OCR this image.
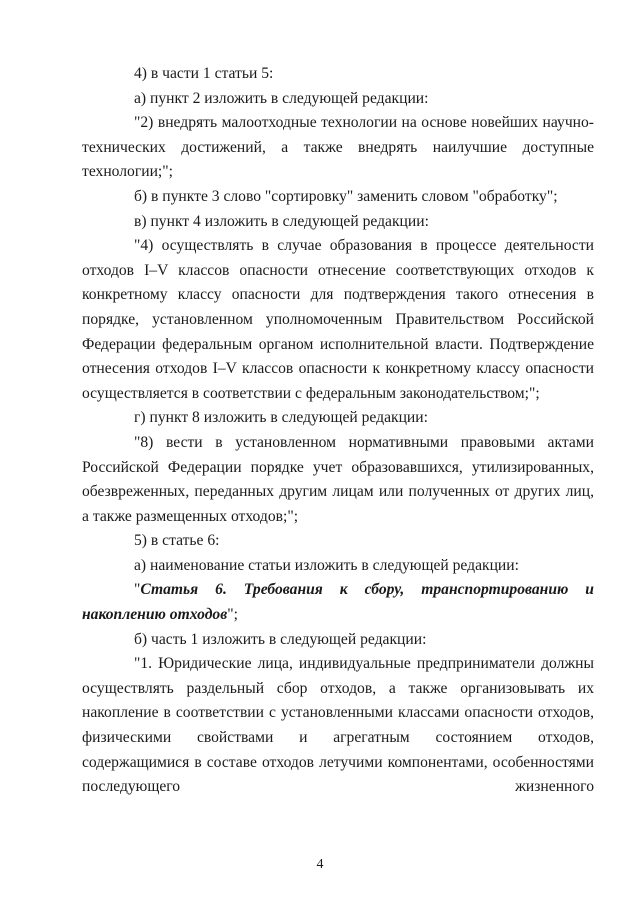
4) в части 1 статьи 5:

а) пункт 2 изложить в следующей редакции:

"2) внедрять малоотходные технологии на основе новейших научно-технических достижений, а также внедрять наилучшие доступные технологии;";

б) в пункте 3 слово "сортировку" заменить словом "обработку";

в) пункт 4 изложить в следующей редакции:

"4) осуществлять в случае образования в процессе деятельности отходов I–V классов опасности отнесение соответствующих отходов к конкретному классу опасности для подтверждения такого отнесения в порядке, установленном уполномоченным Правительством Российской Федерации федеральным органом исполнительной власти. Подтверждение отнесения отходов I–V классов опасности к конкретному классу опасности осуществляется в соответствии с федеральным законодательством;";

г) пункт 8 изложить в следующей редакции:

"8) вести в установленном нормативными правовыми актами Российской Федерации порядке учет образовавшихся, утилизированных, обезвреженных, переданных другим лицам или полученных от других лиц, а также размещенных отходов;";

5) в статье 6:

а) наименование статьи изложить в следующей редакции:

"Статья 6. Требования к сбору, транспортированию и накоплению отходов";

б) часть 1 изложить в следующей редакции:

"1. Юридические лица, индивидуальные предприниматели должны осуществлять раздельный сбор отходов, а также организовывать их накопление в соответствии с установленными классами опасности отходов, физическими свойствами и агрегатным состоянием отходов, содержащимися в составе отходов летучими компонентами, особенностями последующего жизненного

4
